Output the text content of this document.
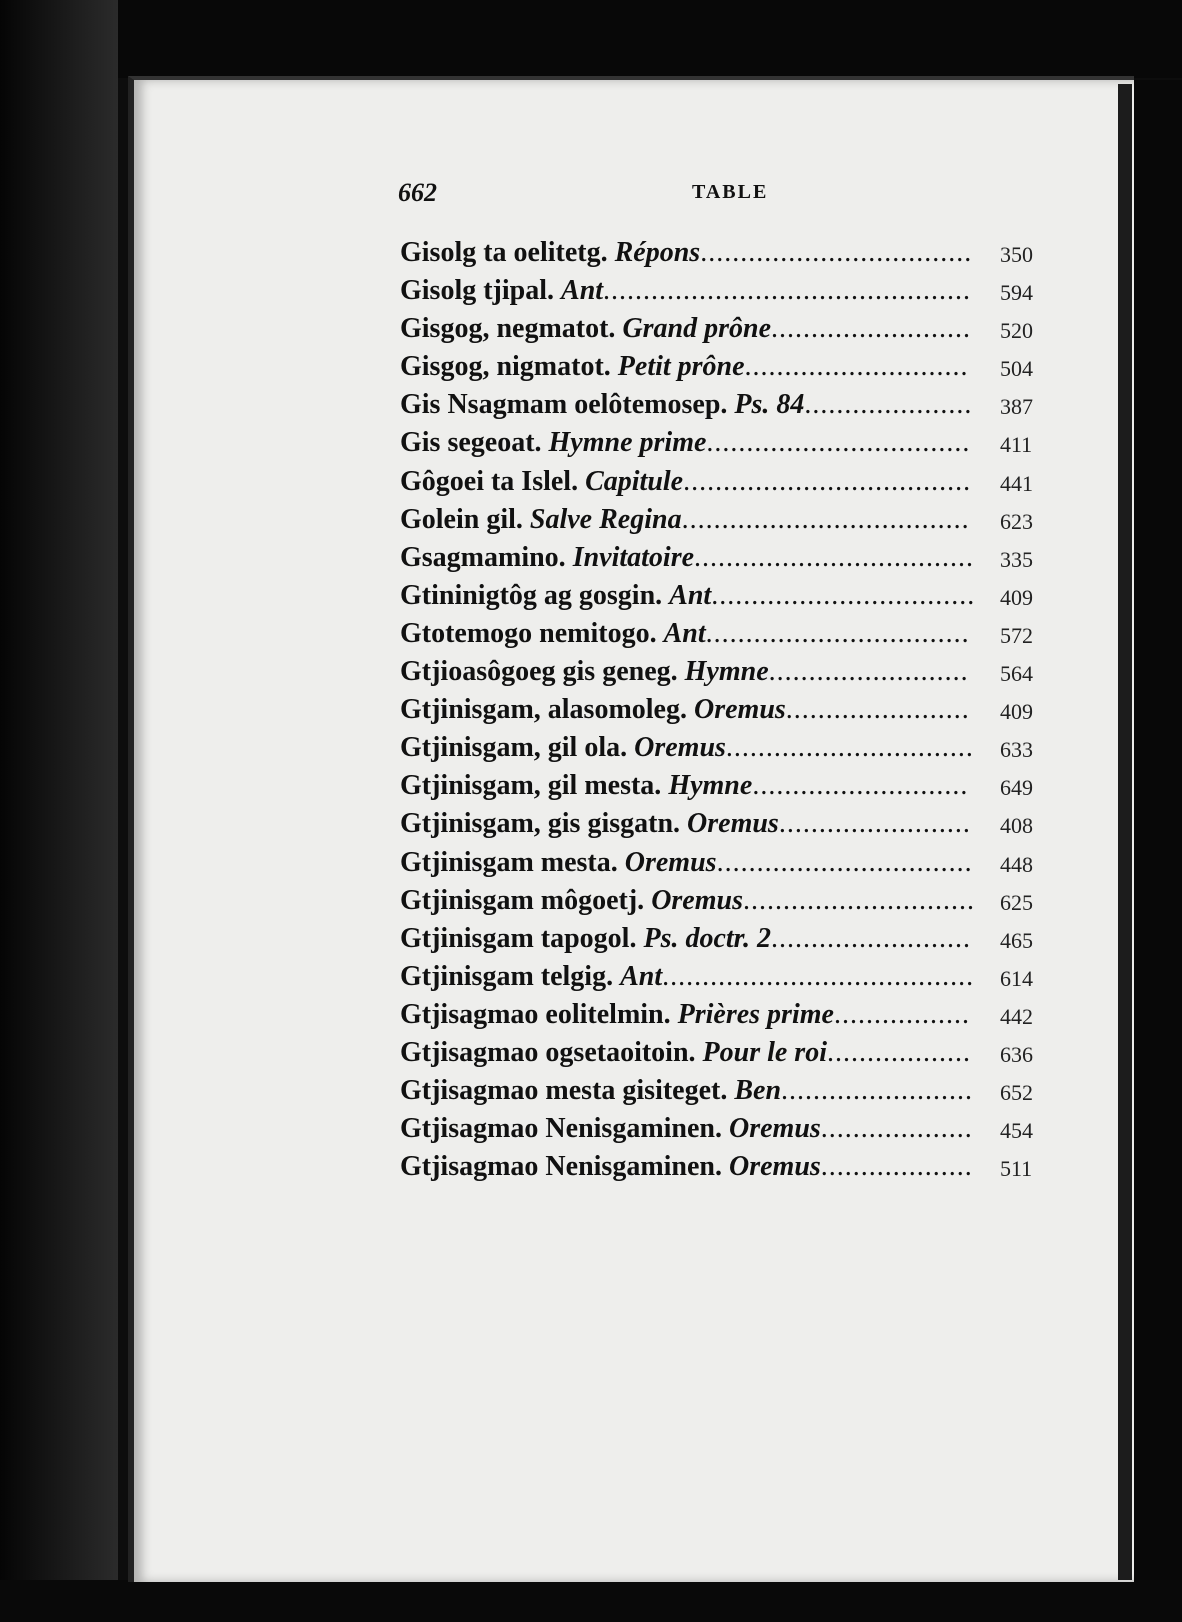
662	TABLE
Gisolg ta oelitetg. Répons.................................. 350
Gisolg tjipal. Ant.............................................. 594
Gisgog, negmatot. Grand prône......................... 520
Gisgog, nigmatot. Petit prône............................ 504
Gis Nsagmam oelôtemosep. Ps. 84..................... 387
Gis segeoat. Hymne prime................................. 411
Gôgoei ta Islel. Capitule.................................... 441
Golein gil. Salve Regina.................................... 623
Gsagmamino. Invitatoire................................... 335
Gtininigtôg ag gosgin. Ant................................. 409
Gtotemogo nemitogo. Ant................................. 572
Gtjioasôgoeg gis geneg. Hymne......................... 564
Gtjinisgam, alasomoleg. Oremus....................... 409
Gtjinisgam, gil ola. Oremus............................... 633
Gtjinisgam, gil mesta. Hymne........................... 649
Gtjinisgam, gis gisgatn. Oremus........................ 408
Gtjinisgam mesta. Oremus................................ 448
Gtjinisgam môgoetj. Oremus............................. 625
Gtjinisgam tapogol. Ps. doctr. 2......................... 465
Gtjinisgam telgig. Ant....................................... 614
Gtjisagmao eolitelmin. Prières prime................. 442
Gtjisagmao ogsetaoitoin. Pour le roi.................. 636
Gtjisagmao mesta gisiteget. Ben........................ 652
Gtjisagmao Nenisgaminen. Oremus................... 454
Gtjisagmao Nenisgaminen. Oremus................... 511
